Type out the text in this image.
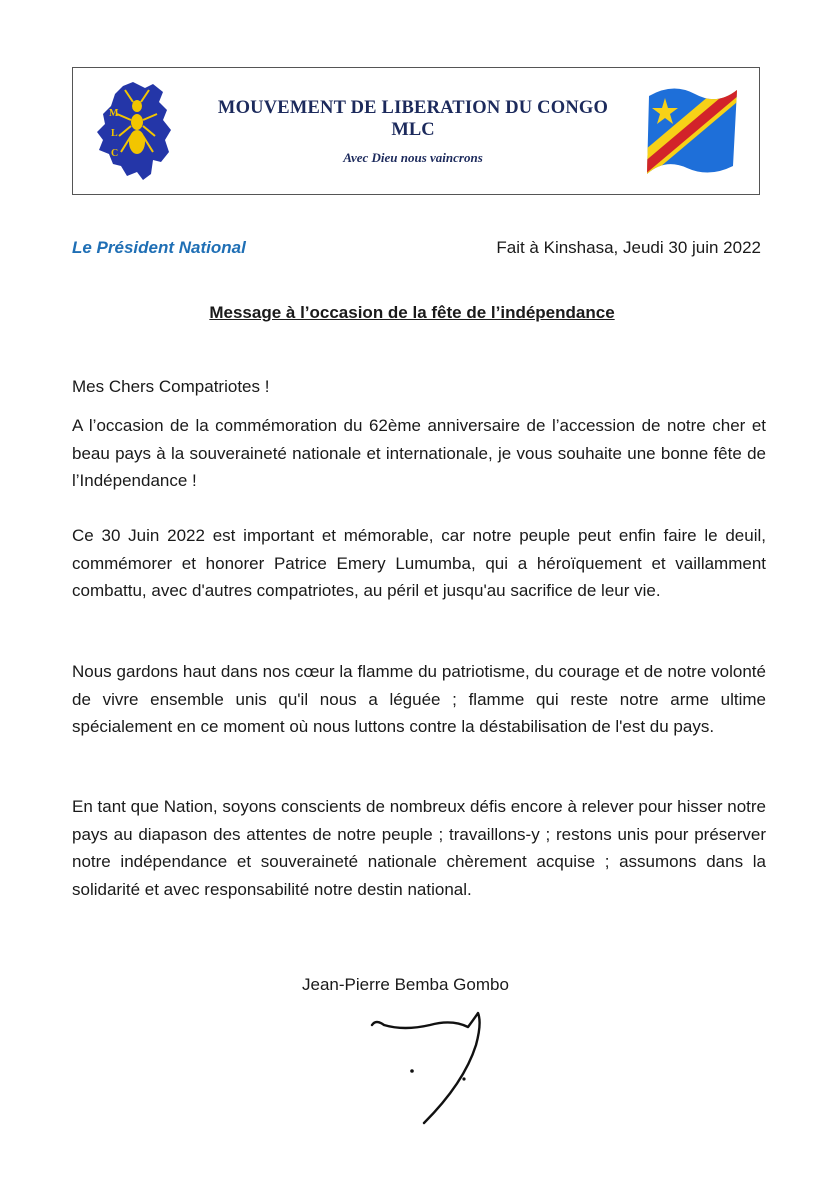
M
L
C
MOUVEMENT DE LIBERATION DU CONGO
MLC
Avec Dieu nous vaincrons
Le Président National	Fait à Kinshasa, Jeudi 30 juin 2022
Message à l’occasion de la fête de l’indépendance
Mes Chers Compatriotes !

A l’occasion de la commémoration du 62ème anniversaire de l’accession de notre cher et beau pays à la souveraineté nationale et internationale, je vous souhaite une bonne fête de l’Indépendance !

Ce 30 Juin 2022 est important et mémorable, car notre peuple peut enfin faire le deuil, commémorer et honorer Patrice Emery Lumumba, qui a héroïquement et vaillamment combattu, avec d'autres compatriotes, au péril et jusqu'au sacrifice de leur vie.

Nous gardons haut dans nos cœur la flamme du patriotisme, du courage et de notre volonté de vivre ensemble unis qu'il nous a léguée ; flamme qui reste notre arme ultime spécialement en ce moment où nous luttons contre la déstabilisation de l'est du pays.

En tant que Nation, soyons conscients de nombreux défis encore à relever pour hisser notre pays au diapason des attentes de notre peuple ; travaillons-y ; restons unis pour préserver notre indépendance et souveraineté nationale chèrement acquise ; assumons dans la solidarité et avec responsabilité notre destin national.

Jean-Pierre Bemba Gombo
